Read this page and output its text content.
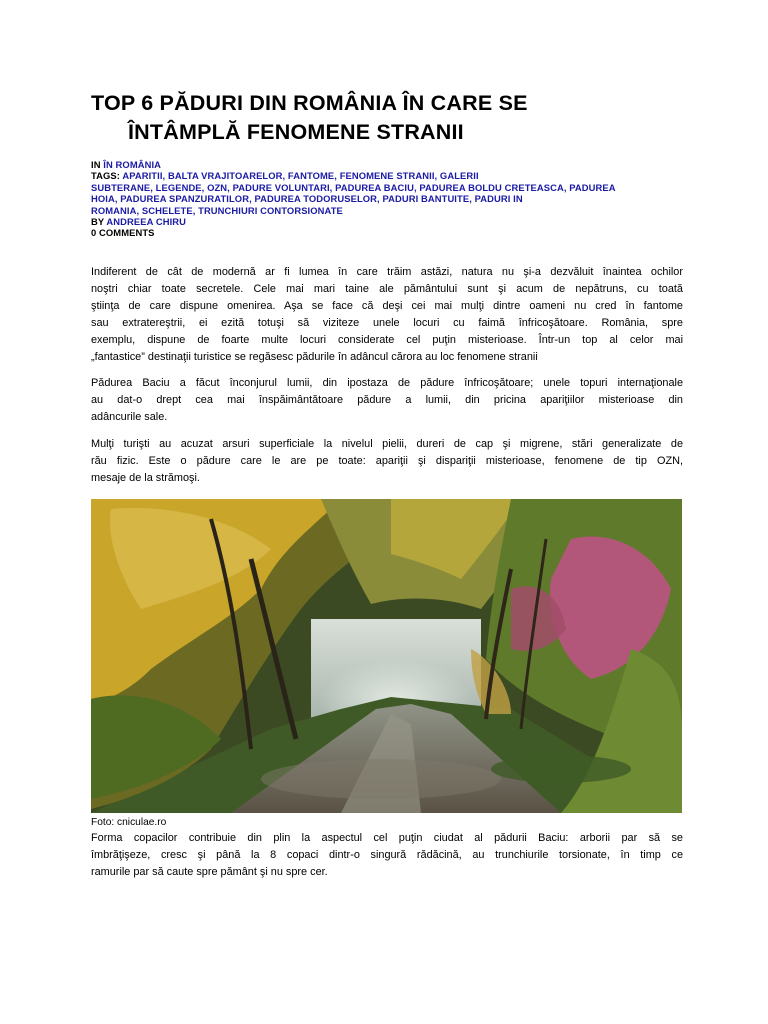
TOP 6 PĂDURI DIN ROMÂNIA ÎN CARE SE
ÎNTÂMPLĂ FENOMENE STRANII
IN ÎN ROMÂNIA
TAGS: APARITII, BALTA VRAJITOARELOR, FANTOME, FENOMENE STRANII, GALERII
SUBTERANE, LEGENDE, OZN, PADURE VOLUNTARI, PADUREA BACIU, PADUREA BOLDU CRETEASCA, PADUREA
HOIA, PADUREA SPANZURATILOR, PADUREA TODORUSELOR, PADURI BANTUITE, PADURI IN
ROMANIA, SCHELETE, TRUNCHIURI CONTORSIONATE
BY ANDREEA CHIRU
0 COMMENTS
Indiferent de cât de modernă ar fi lumea în care trăim astăzi, natura nu şi-a dezvăluit înaintea ochilor
noştri chiar toate secretele. Cele mai mari taine ale pământului sunt şi acum de nepătruns, cu toată
ştiinţa de care dispune omenirea. Aşa se face că deşi cei mai mulţi dintre oameni nu cred în fantome
sau extratereştrii, ei ezită totuşi să viziteze unele locuri cu faimă înfricoşătoare. România, spre
exemplu, dispune de foarte multe locuri considerate cel puţin misterioase. Într-un top al celor mai
„fantastice” destinaţii turistice se regăsesc pădurile în adâncul cărora au loc fenomene stranii
Pădurea Baciu a făcut înconjurul lumii, din ipostaza de pădure înfricoşătoare; unele topuri internaţionale
au dat-o drept cea mai înspăimântătoare pădure a lumii, din pricina apariţiilor misterioase din
adâncurile sale.
Mulţi turişti au acuzat arsuri superficiale la nivelul pielii, dureri de cap şi migrene, stări generalizate de
rău fizic. Este o pădure care le are pe toate: apariţii şi dispariţii misterioase, fenomene de tip OZN,
mesaje de la strămoşi.
Foto: cniculae.ro
Forma copacilor contribuie din plin la aspectul cel puţin ciudat al pădurii Baciu: arborii par să se
îmbrăţişeze, cresc şi până la 8 copaci dintr-o singură rădăcină, au trunchiurile torsionate, în timp ce
ramurile par să caute spre pământ şi nu spre cer.
